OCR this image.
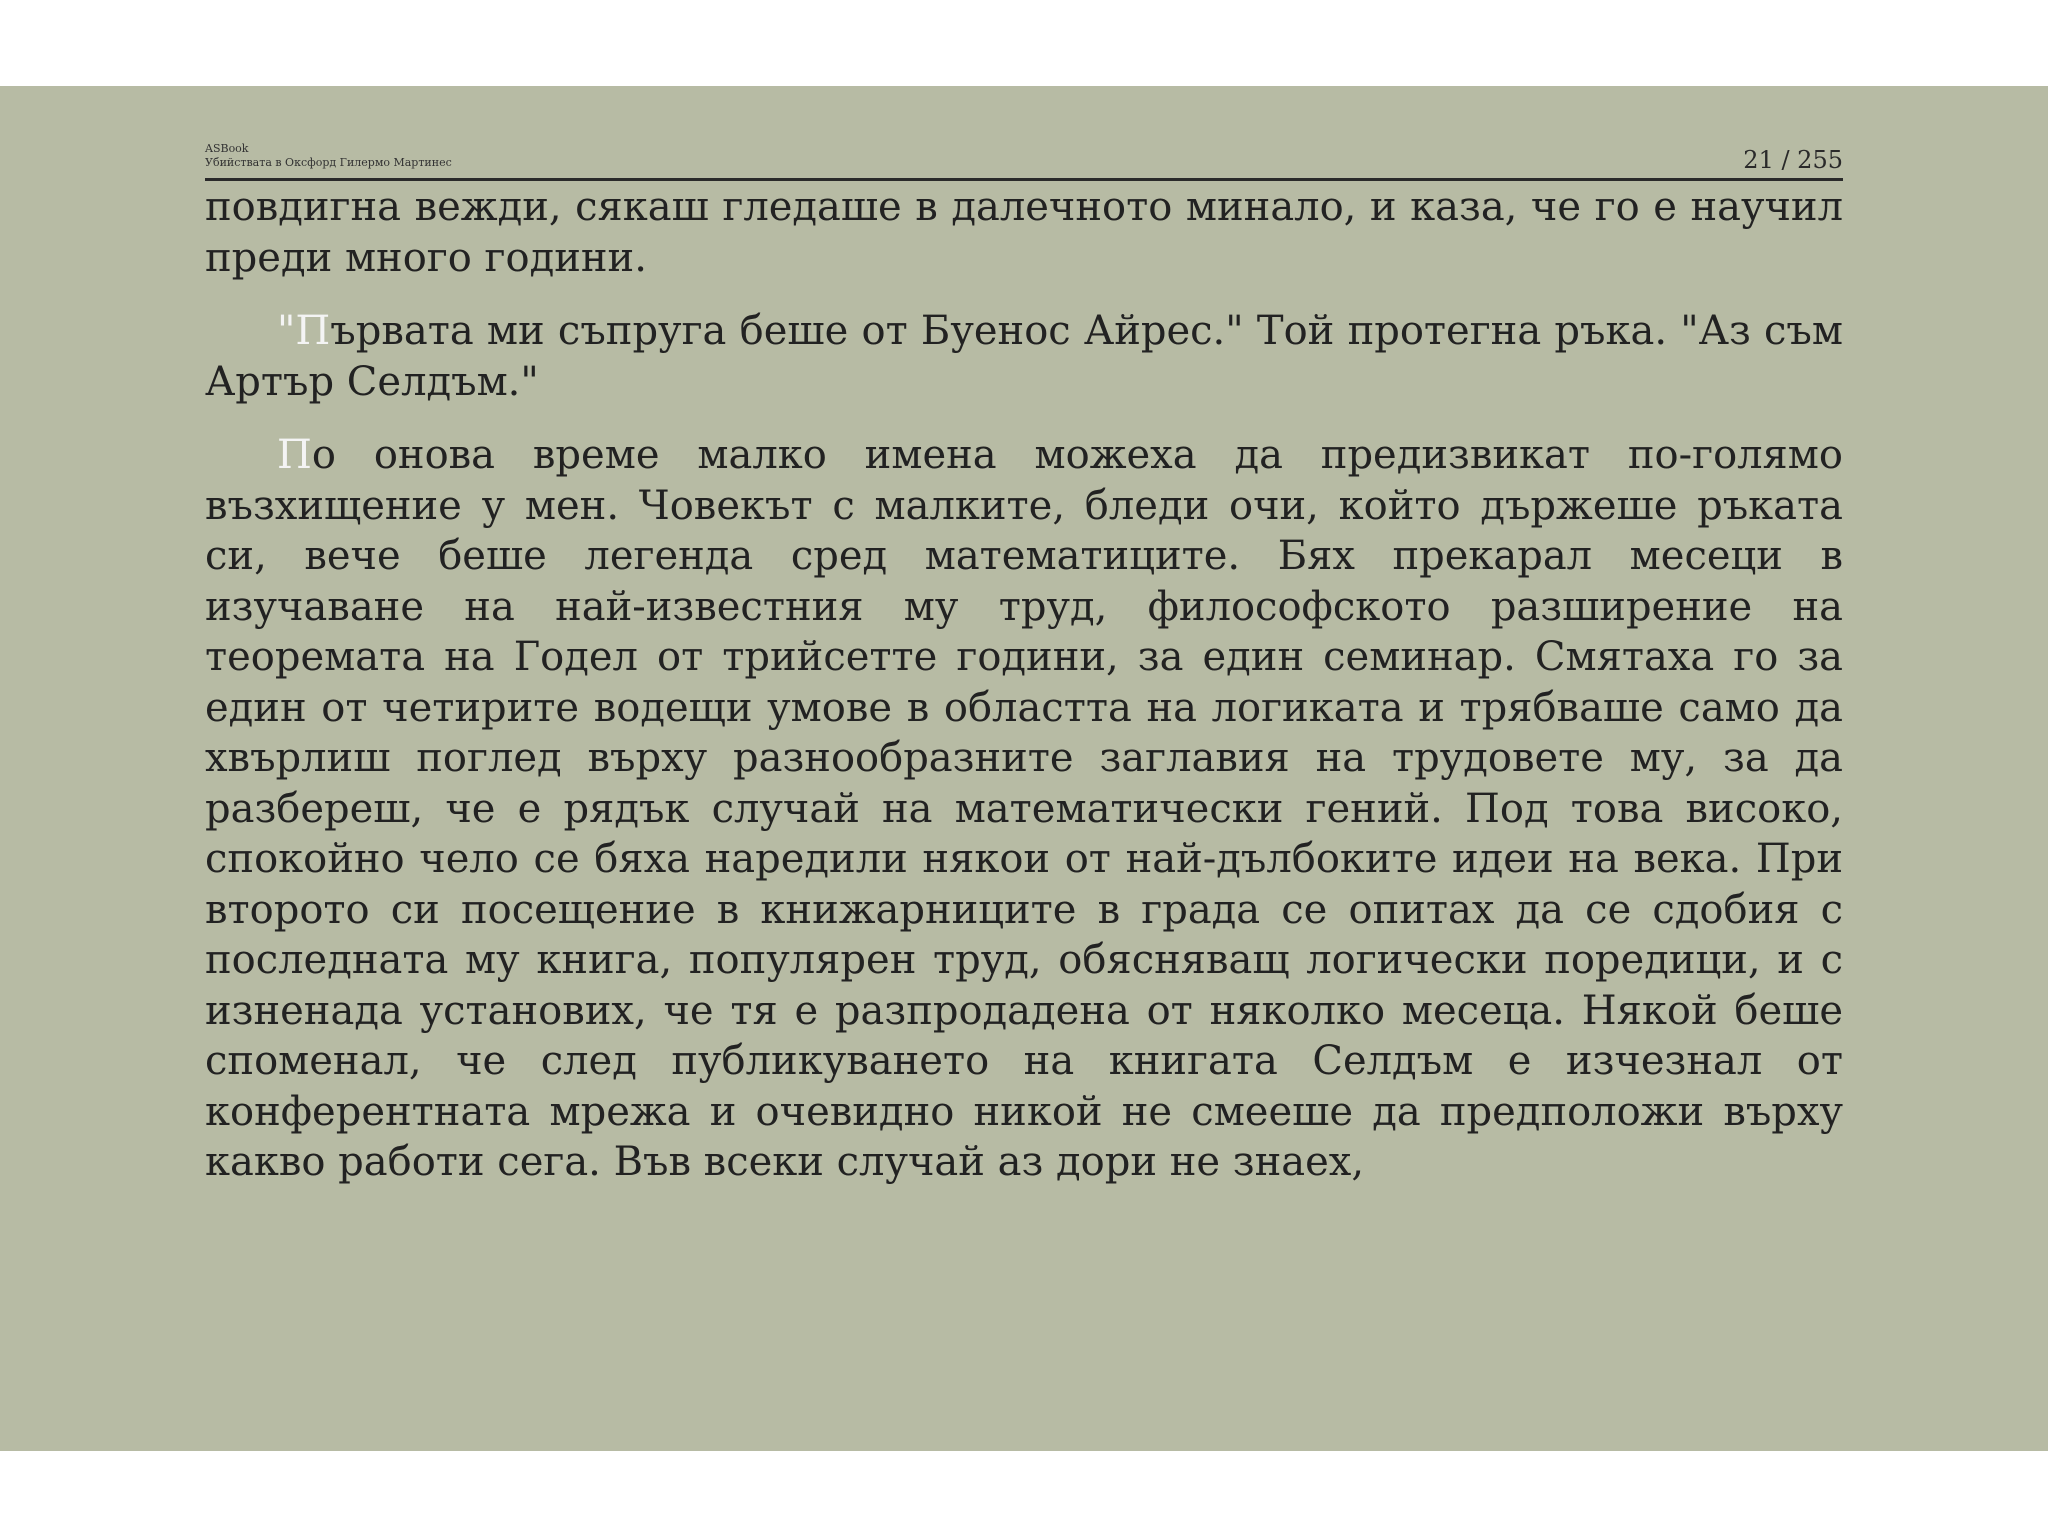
ASBook
Убийствата в Оксфорд Гилермо Мартинес	21 / 255

повдигна вежди, сякаш гледаше в далечното минало, и каза, че го е научил преди много години.

"Първата ми съпруга беше от Буенос Айрес." Той протегна ръка. "Аз съм Артър Селдъм."

По онова време малко имена можеха да предизвикат по-голямо възхищение у мен. Човекът с малките, бледи очи, който държеше ръката си, вече беше легенда сред математиците. Бях прекарал месеци в изучаване на най-известния му труд, философското разширение на теоремата на Годел от трийсетте години, за един семинар. Смятаха го за един от четирите водещи умове в областта на логиката и трябваше само да хвърлиш поглед върху разнообразните заглавия на трудовете му, за да разбереш, че е рядък случай на математически гений. Под това високо, спокойно чело се бяха наредили някои от най-дълбоките идеи на века. При второто си посещение в книжарниците в града се опитах да се сдобия с последната му книга, популярен труд, обясняващ логически поредици, и с изненада установих, че тя е разпродадена от няколко месеца. Някой беше споменал, че след публикуването на книгата Селдъм е изчезнал от конферентната мрежа и очевидно никой не смееше да предположи върху какво работи сега. Във всеки случай аз дори не знаех,
